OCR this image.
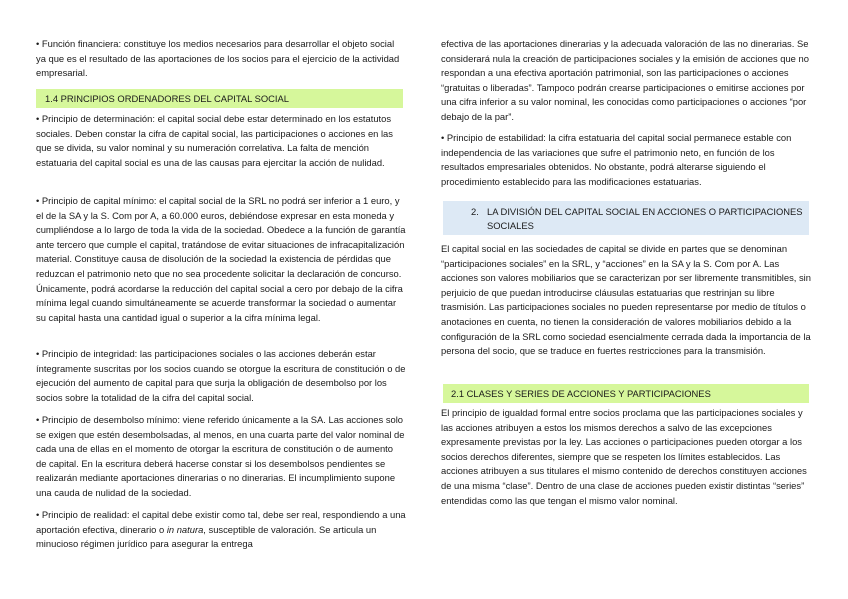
• Función financiera: constituye los medios necesarios para desarrollar el objeto social ya que es el resultado de las aportaciones de los socios para el ejercicio de la actividad empresarial.

1.4 PRINCIPIOS ORDENADORES DEL CAPITAL SOCIAL

• Principio de determinación: el capital social debe estar determinado en los estatutos sociales. Deben constar la cifra de capital social, las participaciones o acciones en las que se divida, su valor nominal y su numeración correlativa. La falta de mención estatuaria del capital social es una de las causas para ejercitar la acción de nulidad.

• Principio de capital mínimo: el capital social de la SRL no podrá ser inferior a 1 euro, y el de la SA y la S. Com por A, a 60.000 euros, debiéndose expresar en esta moneda y cumpliéndose a lo largo de toda la vida de la sociedad. Obedece a la función de garantía ante tercero que cumple el capital, tratándose de evitar situaciones de infracapitalización material. Constituye causa de disolución de la sociedad la existencia de pérdidas que reduzcan el patrimonio neto que no sea procedente solicitar la declaración de concurso. Únicamente, podrá acordarse la reducción del capital social a cero por debajo de la cifra mínima legal cuando simultáneamente se acuerde transformar la sociedad o aumentar su capital hasta una cantidad igual o superior a la cifra mínima legal.

• Principio de integridad: las participaciones sociales o las acciones deberán estar íntegramente suscritas por los socios cuando se otorgue la escritura de constitución o de ejecución del aumento de capital para que surja la obligación de desembolso por los socios sobre la totalidad de la cifra del capital social.

• Principio de desembolso mínimo: viene referido únicamente a la SA. Las acciones solo se exigen que estén desembolsadas, al menos, en una cuarta parte del valor nominal de cada una de ellas en el momento de otorgar la escritura de constitución o de aumento de capital. En la escritura deberá hacerse constar si los desembolsos pendientes se realizarán mediante aportaciones dinerarias o no dinerarias. El incumplimiento supone una cauda de nulidad de la sociedad.

• Principio de realidad: el capital debe existir como tal, debe ser real, respondiendo a una aportación efectiva, dinerario o in natura, susceptible de valoración. Se articula un minucioso régimen jurídico para asegurar la entrega

efectiva de las aportaciones dinerarias y la adecuada valoración de las no dinerarias. Se considerará nula la creación de participaciones sociales y la emisión de acciones que no respondan a una efectiva aportación patrimonial, son las participaciones o acciones “gratuitas o liberadas”. Tampoco podrán crearse participaciones o emitirse acciones por una cifra inferior a su valor nominal, les conocidas como participaciones o acciones “por debajo de la par”.

• Principio de estabilidad: la cifra estatuaria del capital social permanece estable con independencia de las variaciones que sufre el patrimonio neto, en función de los resultados empresariales obtenidos. No obstante, podrá alterarse siguiendo el procedimiento establecido para las modificaciones estatuarias.

2. LA DIVISIÓN DEL CAPITAL SOCIAL EN ACCIONES O PARTICIPACIONES SOCIALES

El capital social en las sociedades de capital se divide en partes que se denominan “participaciones sociales” en la SRL, y “acciones” en la SA y la S. Com por A. Las acciones son valores mobiliarios que se caracterizan por ser libremente transmitibles, sin perjuicio de que puedan introducirse cláusulas estatuarias que restrinjan su libre trasmisión. Las participaciones sociales no pueden representarse por medio de títulos o anotaciones en cuenta, no tienen la consideración de valores mobiliarios debido a la configuración de la SRL como sociedad esencialmente cerrada dada la importancia de la persona del socio, que se traduce en fuertes restricciones para la transmisión.

2.1 CLASES Y SERIES DE ACCIONES Y PARTICIPACIONES

El principio de igualdad formal entre socios proclama que las participaciones sociales y las acciones atribuyen a estos los mismos derechos a salvo de las excepciones expresamente previstas por la ley. Las acciones o participaciones pueden otorgar a los socios derechos diferentes, siempre que se respeten los límites establecidos. Las acciones atribuyen a sus titulares el mismo contenido de derechos constituyen acciones de una misma “clase”. Dentro de una clase de acciones pueden existir distintas “series” entendidas como las que tengan el mismo valor nominal.
